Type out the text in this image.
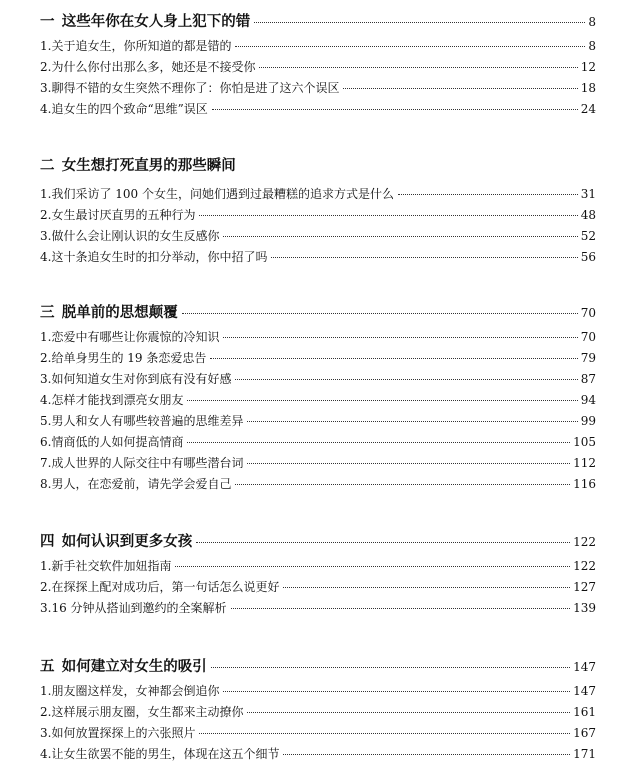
一  这些年你在女人身上犯下的错	8
1.关于追女生，你所知道的都是错的	8
2.为什么你付出那么多，她还是不接受你	12
3.聊得不错的女生突然不理你了：你怕是进了这六个误区	18
4.追女生的四个致命“思维”误区	24
二  女生想打死直男的那些瞬间
1.我们采访了 100 个女生，问她们遇到过最糟糕的追求方式是什么	31
2.女生最讨厌直男的五种行为	48
3.做什么会让刚认识的女生反感你	52
4.这十条追女生时的扣分举动，你中招了吗	56
三  脱单前的思想颠覆	70
1.恋爱中有哪些让你震惊的冷知识	70
2.给单身男生的 19 条恋爱忠告	79
3.如何知道女生对你到底有没有好感	87
4.怎样才能找到漂亮女朋友	94
5.男人和女人有哪些较普遍的思维差异	99
6.情商低的人如何提高情商	105
7.成人世界的人际交往中有哪些潜台词	112
8.男人，在恋爱前，请先学会爱自己	116
四  如何认识到更多女孩	122
1.新手社交软件加妞指南	122
2.在探探上配对成功后，第一句话怎么说更好	127
3.16 分钟从搭讪到邀约的全案解析	139
五  如何建立对女生的吸引	147
1.朋友圈这样发，女神都会倒追你	147
2.这样展示朋友圈，女生都来主动撩你	161
3.如何放置探探上的六张照片	167
4.让女生欲罢不能的男生，体现在这五个细节	171
